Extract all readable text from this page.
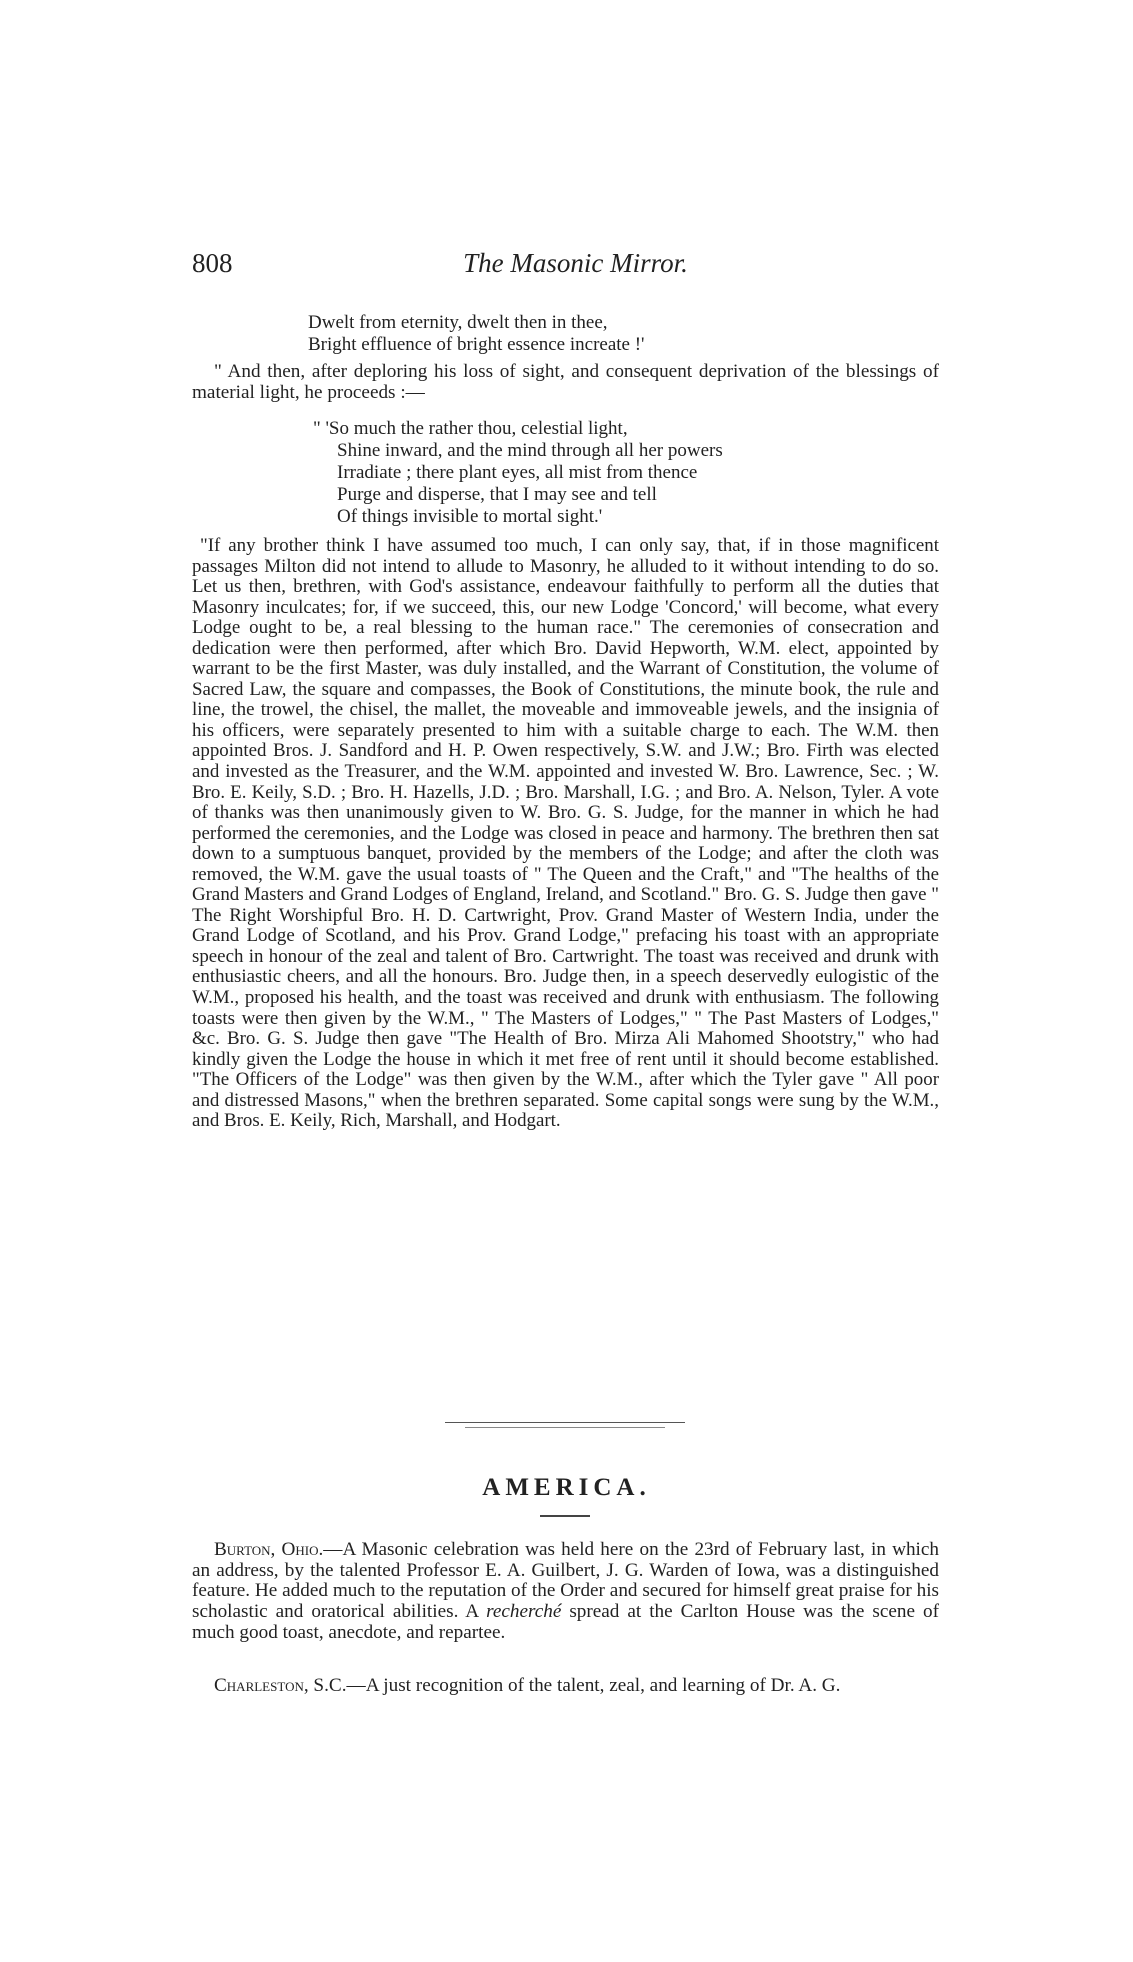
808	The Masonic Mirror.
Dwelt from eternity, dwelt then in thee,
Bright effluence of bright essence increate !'

" And then, after deploring his loss of sight, and consequent deprivation of the blessings of material light, he proceeds :—

" 'So much the rather thou, celestial light,
Shine inward, and the mind through all her powers
Irradiate ; there plant eyes, all mist from thence
Purge and disperse, that I may see and tell
Of things invisible to mortal sight.'

"If any brother think I have assumed too much, I can only say, that, if in those magnificent passages Milton did not intend to allude to Masonry, he alluded to it without intending to do so. Let us then, brethren, with God's assistance, endeavour faithfully to perform all the duties that Masonry inculcates; for, if we succeed, this, our new Lodge 'Concord,' will become, what every Lodge ought to be, a real blessing to the human race." The ceremonies of consecration and dedication were then performed, after which Bro. David Hepworth, W.M. elect, appointed by warrant to be the first Master, was duly installed, and the Warrant of Constitution, the volume of Sacred Law, the square and compasses, the Book of Constitutions, the minute book, the rule and line, the trowel, the chisel, the mallet, the moveable and immoveable jewels, and the insignia of his officers, were separately presented to him with a suitable charge to each. The W.M. then appointed Bros. J. Sandford and H. P. Owen respectively, S.W. and J.W.; Bro. Firth was elected and invested as the Treasurer, and the W.M. appointed and invested W. Bro. Lawrence, Sec. ; W. Bro. E. Keily, S.D. ; Bro. H. Hazells, J.D. ; Bro. Marshall, I.G. ; and Bro. A. Nelson, Tyler. A vote of thanks was then unanimously given to W. Bro. G. S. Judge, for the manner in which he had performed the ceremonies, and the Lodge was closed in peace and harmony. The brethren then sat down to a sumptuous banquet, provided by the members of the Lodge; and after the cloth was removed, the W.M. gave the usual toasts of " The Queen and the Craft," and "The healths of the Grand Masters and Grand Lodges of England, Ireland, and Scotland." Bro. G. S. Judge then gave " The Right Worshipful Bro. H. D. Cartwright, Prov. Grand Master of Western India, under the Grand Lodge of Scotland, and his Prov. Grand Lodge," prefacing his toast with an appropriate speech in honour of the zeal and talent of Bro. Cartwright. The toast was received and drunk with enthusiastic cheers, and all the honours. Bro. Judge then, in a speech deservedly eulogistic of the W.M., proposed his health, and the toast was received and drunk with enthusiasm. The following toasts were then given by the W.M., " The Masters of Lodges," " The Past Masters of Lodges," &c. Bro. G. S. Judge then gave "The Health of Bro. Mirza Ali Mahomed Shootstry," who had kindly given the Lodge the house in which it met free of rent until it should become established. "The Officers of the Lodge" was then given by the W.M., after which the Tyler gave " All poor and distressed Masons," when the brethren separated. Some capital songs were sung by the W.M., and Bros. E. Keily, Rich, Marshall, and Hodgart.

AMERICA.

Burton, Ohio.—A Masonic celebration was held here on the 23rd of February last, in which an address, by the talented Professor E. A. Guilbert, J. G. Warden of Iowa, was a distinguished feature. He added much to the reputation of the Order and secured for himself great praise for his scholastic and oratorical abilities. A recherché spread at the Carlton House was the scene of much good toast, anecdote, and repartee.

Charleston, S.C.—A just recognition of the talent, zeal, and learning of Dr. A. G.
